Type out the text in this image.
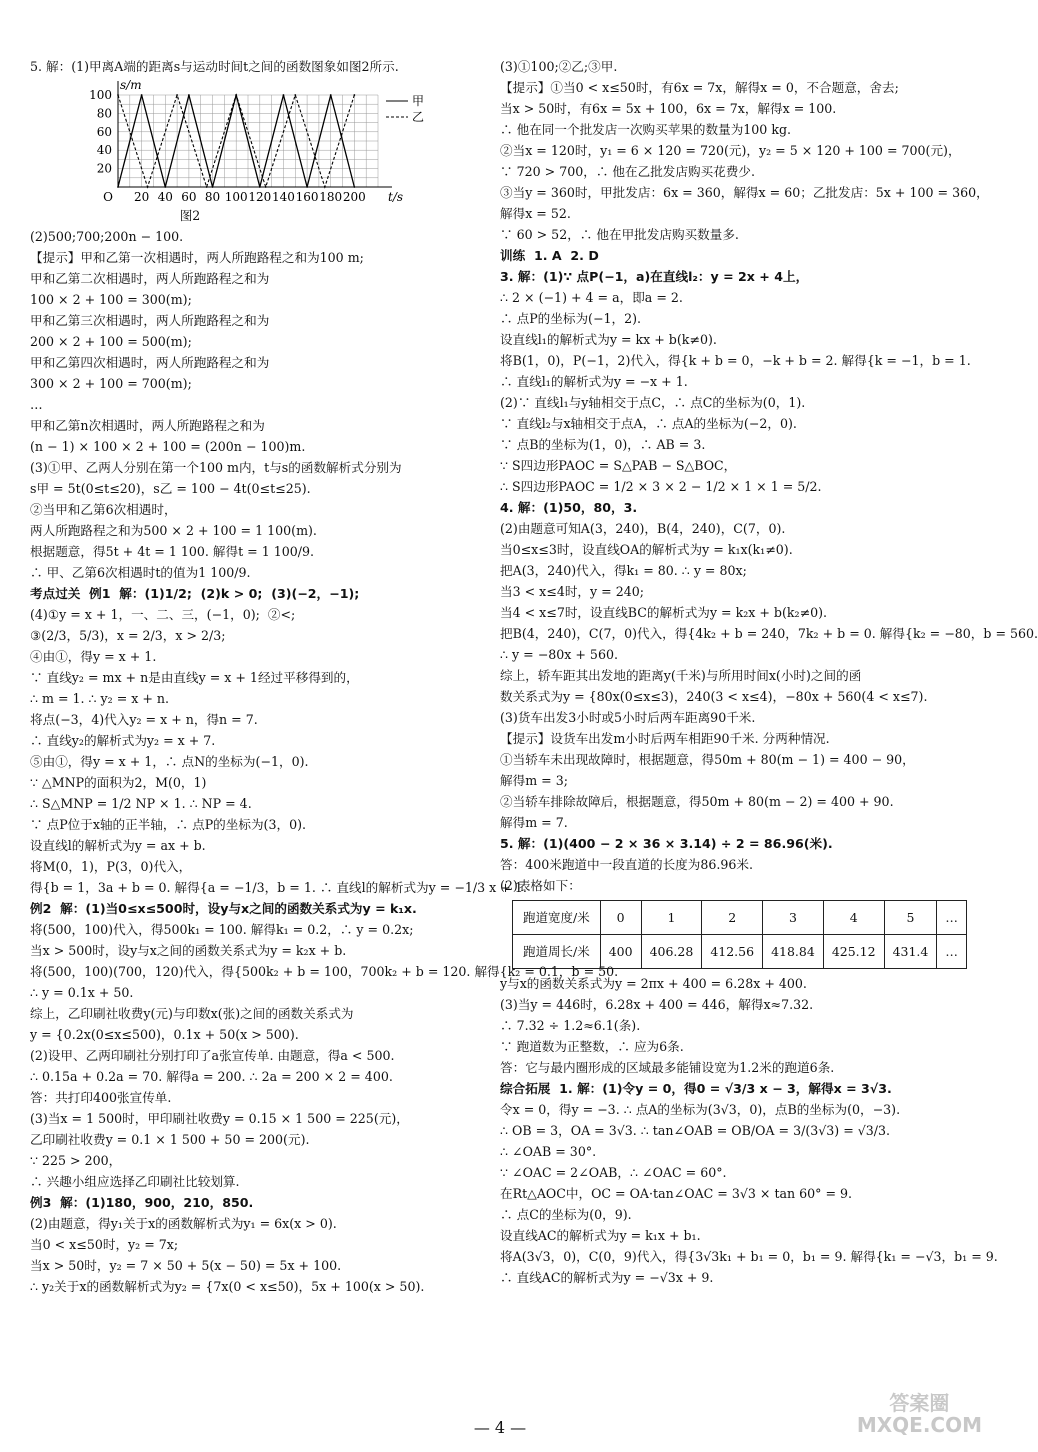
5. 解：(1)甲离A端的距离s与运动时间t之间的函数图象如图2所示.
O 20 40 60 80 100 120 140 160 180 200
20
40
60
80
100
t/s
s/m
甲
乙
图2
(2)500;700;200n − 100.
【提示】甲和乙第一次相遇时，两人所跑路程之和为100 m;
甲和乙第二次相遇时，两人所跑路程之和为
100 × 2 + 100 = 300(m);
甲和乙第三次相遇时，两人所跑路程之和为
200 × 2 + 100 = 500(m);
甲和乙第四次相遇时，两人所跑路程之和为
300 × 2 + 100 = 700(m);
…
甲和乙第n次相遇时，两人所跑路程之和为
(n − 1) × 100 × 2 + 100 = (200n − 100)m.
(3)①甲、乙两人分别在第一个100 m内，t与s的函数解析式分别为
s甲 = 5t(0≤t≤20)，s乙 = 100 − 4t(0≤t≤25).
②当甲和乙第6次相遇时，
两人所跑路程之和为500 × 2 + 100 = 1 100(m).
根据题意，得5t + 4t = 1 100. 解得t = 1 100/9.
∴ 甲、乙第6次相遇时t的值为1 100/9.
考点过关  例1  解：(1)1/2;  (2)k > 0;  (3)(−2，−1);
(4)①y = x + 1，一、二、三，(−1，0);  ②<;
③(2/3，5/3)，x = 2/3，x > 2/3;
④由①，得y = x + 1.
∵ 直线y₂ = mx + n是由直线y = x + 1经过平移得到的，
∴ m = 1. ∴ y₂ = x + n.
将点(−3，4)代入y₂ = x + n，得n = 7.
∴ 直线y₂的解析式为y₂ = x + 7.
⑤由①，得y = x + 1，∴ 点N的坐标为(−1，0).
∵ △MNP的面积为2，M(0，1)
∴ S△MNP = 1/2 NP × 1. ∴ NP = 4.
∵ 点P位于x轴的正半轴，∴ 点P的坐标为(3，0).
设直线l的解析式为y = ax + b.
将M(0，1)，P(3，0)代入，
得{b = 1，3a + b = 0. 解得{a = −1/3，b = 1. ∴ 直线l的解析式为y = −1/3 x + 1.
例2  解：(1)当0≤x≤500时，设y与x之间的函数关系式为y = k₁x.
将(500，100)代入，得500k₁ = 100. 解得k₁ = 0.2，∴ y = 0.2x;
当x > 500时，设y与x之间的函数关系式为y = k₂x + b.
将(500，100)(700，120)代入，得{500k₂ + b = 100，700k₂ + b = 120. 解得{k₂ = 0.1，b = 50.
∴ y = 0.1x + 50.
综上，乙印刷社收费y(元)与印数x(张)之间的函数关系式为
y = {0.2x(0≤x≤500)，0.1x + 50(x > 500).
(2)设甲、乙两印刷社分别打印了a张宣传单. 由题意，得a < 500.
∴ 0.15a + 0.2a = 70. 解得a = 200. ∴ 2a = 200 × 2 = 400.
答：共打印400张宣传单.
(3)当x = 1 500时，甲印刷社收费y = 0.15 × 1 500 = 225(元)，
乙印刷社收费y = 0.1 × 1 500 + 50 = 200(元).
∵ 225 > 200，
∴ 兴趣小组应选择乙印刷社比较划算.
例3  解：(1)180，900，210，850.
(2)由题意，得y₁关于x的函数解析式为y₁ = 6x(x > 0).
当0 < x≤50时，y₂ = 7x;
当x > 50时，y₂ = 7 × 50 + 5(x − 50) = 5x + 100.
∴ y₂关于x的函数解析式为y₂ = {7x(0 < x≤50)，5x + 100(x > 50).
(3)①100;②乙;③甲.
【提示】①当0 < x≤50时，有6x = 7x，解得x = 0，不合题意，舍去;
当x > 50时，有6x = 5x + 100，6x = 7x，解得x = 100.
∴ 他在同一个批发店一次购买苹果的数量为100 kg.
②当x = 120时，y₁ = 6 × 120 = 720(元)，y₂ = 5 × 120 + 100 = 700(元)，
∵ 720 > 700，∴ 他在乙批发店购买花费少.
③当y = 360时，甲批发店：6x = 360，解得x = 60；乙批发店：5x + 100 = 360，
解得x = 52.
∵ 60 > 52，∴ 他在甲批发店购买数量多.
训练  1. A  2. D
3. 解：(1)∵ 点P(−1，a)在直线l₂：y = 2x + 4上，
∴ 2 × (−1) + 4 = a，即a = 2.
∴ 点P的坐标为(−1，2).
设直线l₁的解析式为y = kx + b(k≠0).
将B(1，0)，P(−1，2)代入，得{k + b = 0，−k + b = 2. 解得{k = −1，b = 1.
∴ 直线l₁的解析式为y = −x + 1.
(2)∵ 直线l₁与y轴相交于点C，∴ 点C的坐标为(0，1).
∵ 直线l₂与x轴相交于点A，∴ 点A的坐标为(−2，0).
∵ 点B的坐标为(1，0)，∴ AB = 3.
∵ S四边形PAOC = S△PAB − S△BOC，
∴ S四边形PAOC = 1/2 × 3 × 2 − 1/2 × 1 × 1 = 5/2.
4. 解：(1)50，80，3.
(2)由题意可知A(3，240)，B(4，240)，C(7，0).
当0≤x≤3时，设直线OA的解析式为y = k₁x(k₁≠0).
把A(3，240)代入，得k₁ = 80. ∴ y = 80x;
当3 < x≤4时，y = 240;
当4 < x≤7时，设直线BC的解析式为y = k₂x + b(k₂≠0).
把B(4，240)，C(7，0)代入，得{4k₂ + b = 240，7k₂ + b = 0. 解得{k₂ = −80，b = 560.
∴ y = −80x + 560.
综上，轿车距其出发地的距离y(千米)与所用时间x(小时)之间的函
数关系式为y = {80x(0≤x≤3)，240(3 < x≤4)，−80x + 560(4 < x≤7).
(3)货车出发3小时或5小时后两车距离90千米.
【提示】设货车出发m小时后两车相距90千米. 分两种情况.
①当轿车未出现故障时，根据题意，得50m + 80(m − 1) = 400 − 90，
解得m = 3;
②当轿车排除故障后，根据题意，得50m + 80(m − 2) = 400 + 90.
解得m = 7.
5. 解：(1)(400 − 2 × 36 × 3.14) ÷ 2 = 86.96(米).
答：400米跑道中一段直道的长度为86.96米.
(2)表格如下：
跑道宽度/米	0	1	2	3	4	5	…
跑道周长/米	400	406.28	412.56	418.84	425.12	431.4	…
y与x的函数关系式为y = 2πx + 400 = 6.28x + 400.
(3)当y = 446时，6.28x + 400 = 446，解得x≈7.32.
∴ 7.32 ÷ 1.2≈6.1(条).
∵ 跑道数为正整数，∴ 应为6条.
答：它与最内圈形成的区域最多能铺设宽为1.2米的跑道6条.
综合拓展  1. 解：(1)令y = 0，得0 = √3/3 x − 3，解得x = 3√3.
令x = 0，得y = −3. ∴ 点A的坐标为(3√3，0)，点B的坐标为(0，−3).
∴ OB = 3，OA = 3√3. ∴ tan∠OAB = OB/OA = 3/(3√3) = √3/3.
∴ ∠OAB = 30°.
∵ ∠OAC = 2∠OAB，∴ ∠OAC = 60°.
在Rt△AOC中，OC = OA·tan∠OAC = 3√3 × tan 60° = 9.
∴ 点C的坐标为(0，9).
设直线AC的解析式为y = k₁x + b₁.
将A(3√3，0)，C(0，9)代入，得{3√3k₁ + b₁ = 0，b₁ = 9. 解得{k₁ = −√3，b₁ = 9.
∴ 直线AC的解析式为y = −√3x + 9.
— 4 —
答案圈
MXQE.COM
